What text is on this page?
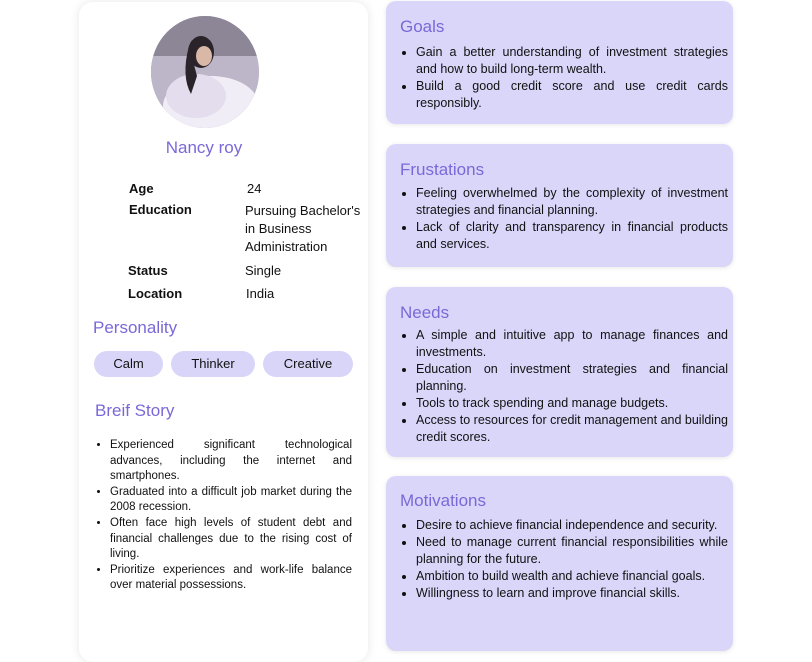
Nancy roy
Age	24
Education	Pursuing Bachelor's in Business Administration
Status	Single
Location	India
Personality
Calm	Thinker	Creative
Breif Story
• Experienced significant technological advances, including the internet and smartphones.
• Graduated into a difficult job market during the 2008 recession.
• Often face high levels of student debt and financial challenges due to the rising cost of living.
• Prioritize experiences and work-life balance over material possessions.
Goals
• Gain a better understanding of investment strategies and how to build long-term wealth.
• Build a good credit score and use credit cards responsibly.
Frustations
• Feeling overwhelmed by the complexity of investment strategies and financial planning.
• Lack of clarity and transparency in financial products and services.
Needs
• A simple and intuitive app to manage finances and investments.
• Education on investment strategies and financial planning.
• Tools to track spending and manage budgets.
• Access to resources for credit management and building credit scores.
Motivations
• Desire to achieve financial independence and security.
• Need to manage current financial responsibilities while planning for the future.
• Ambition to build wealth and achieve financial goals.
• Willingness to learn and improve financial skills.
